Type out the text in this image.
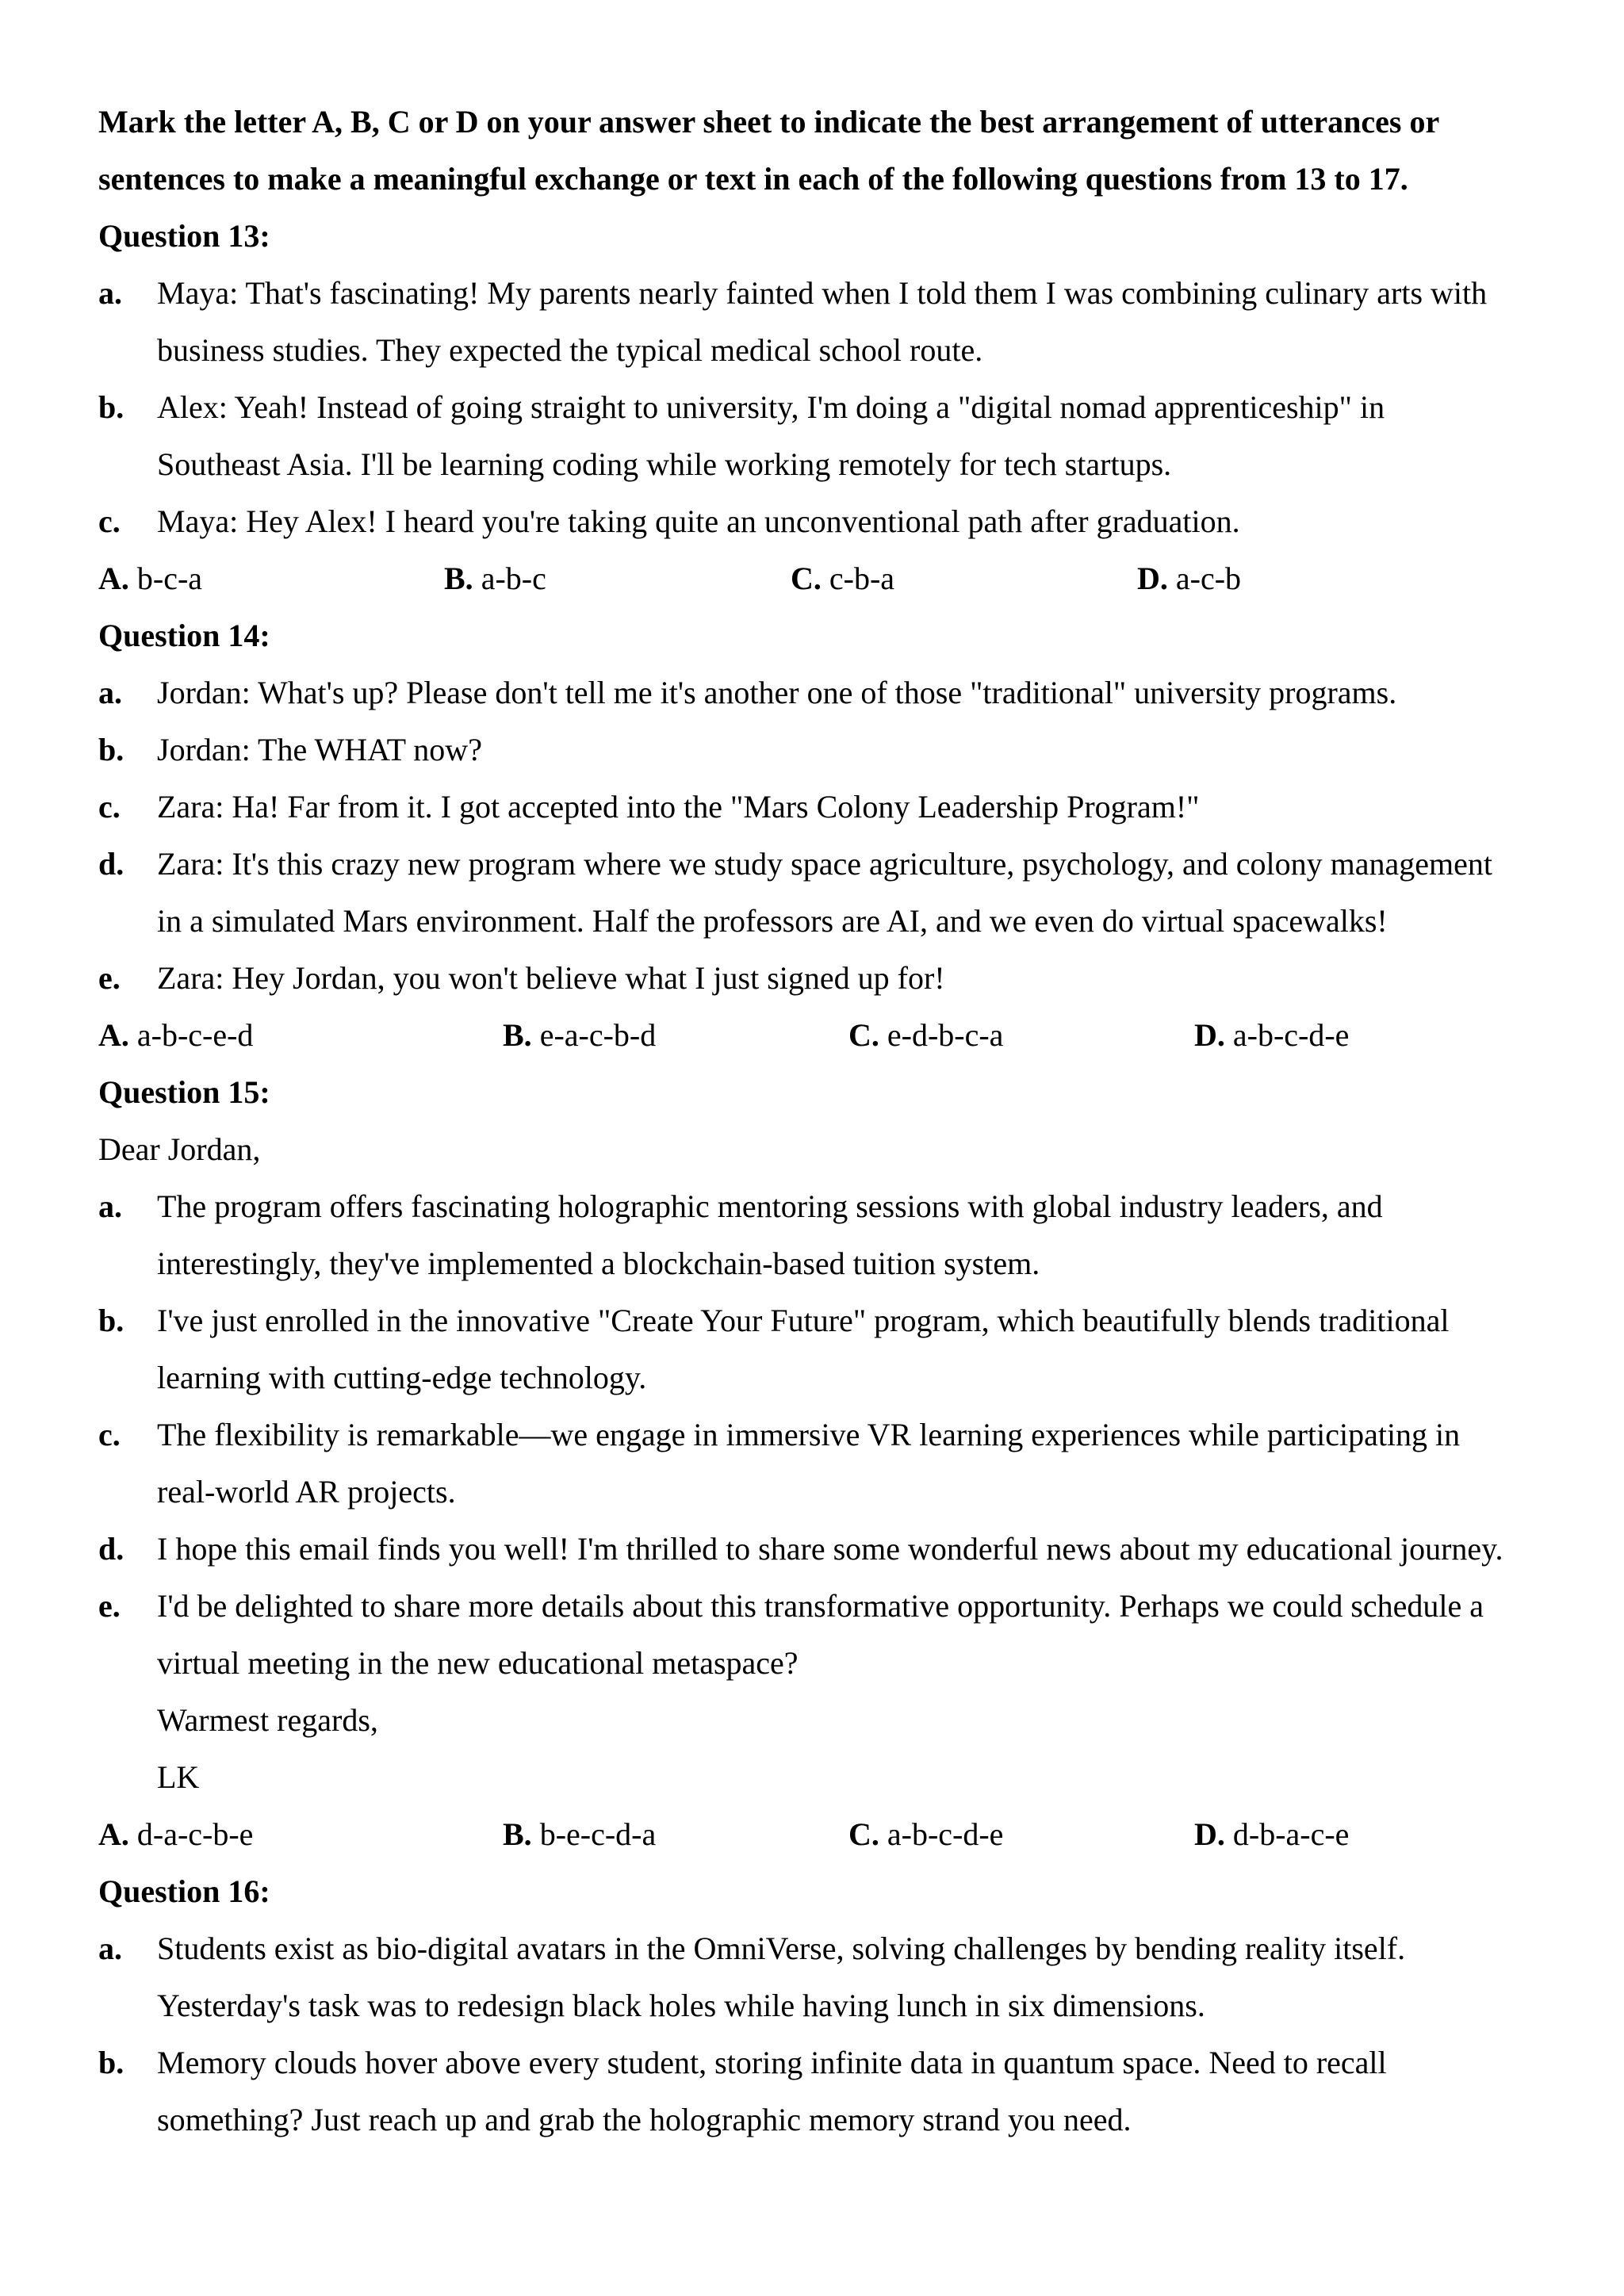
Mark the letter A, B, C or D on your answer sheet to indicate the best arrangement of utterances or
sentences to make a meaningful exchange or text in each of the following questions from 13 to 17.
Question 13:
a. Maya: That's fascinating! My parents nearly fainted when I told them I was combining culinary arts with
business studies. They expected the typical medical school route.
b. Alex: Yeah! Instead of going straight to university, I'm doing a "digital nomad apprenticeship" in
Southeast Asia. I'll be learning coding while working remotely for tech startups.
c. Maya: Hey Alex! I heard you're taking quite an unconventional path after graduation.
A. b-c-a	B. a-b-c	C. c-b-a	D. a-c-b
Question 14:
a. Jordan: What's up? Please don't tell me it's another one of those "traditional" university programs.
b. Jordan: The WHAT now?
c. Zara: Ha! Far from it. I got accepted into the "Mars Colony Leadership Program!"
d. Zara: It's this crazy new program where we study space agriculture, psychology, and colony management
in a simulated Mars environment. Half the professors are AI, and we even do virtual spacewalks!
e. Zara: Hey Jordan, you won't believe what I just signed up for!
A. a-b-c-e-d	B. e-a-c-b-d	C. e-d-b-c-a	D. a-b-c-d-e
Question 15:
Dear Jordan,
a. The program offers fascinating holographic mentoring sessions with global industry leaders, and
interestingly, they've implemented a blockchain-based tuition system.
b. I've just enrolled in the innovative "Create Your Future" program, which beautifully blends traditional
learning with cutting-edge technology.
c. The flexibility is remarkable—we engage in immersive VR learning experiences while participating in
real-world AR projects.
d. I hope this email finds you well! I'm thrilled to share some wonderful news about my educational journey.
e. I'd be delighted to share more details about this transformative opportunity. Perhaps we could schedule a
virtual meeting in the new educational metaspace?
Warmest regards,
LK
A. d-a-c-b-e	B. b-e-c-d-a	C. a-b-c-d-e	D. d-b-a-c-e
Question 16:
a. Students exist as bio-digital avatars in the OmniVerse, solving challenges by bending reality itself.
Yesterday's task was to redesign black holes while having lunch in six dimensions.
b. Memory clouds hover above every student, storing infinite data in quantum space. Need to recall
something? Just reach up and grab the holographic memory strand you need.
